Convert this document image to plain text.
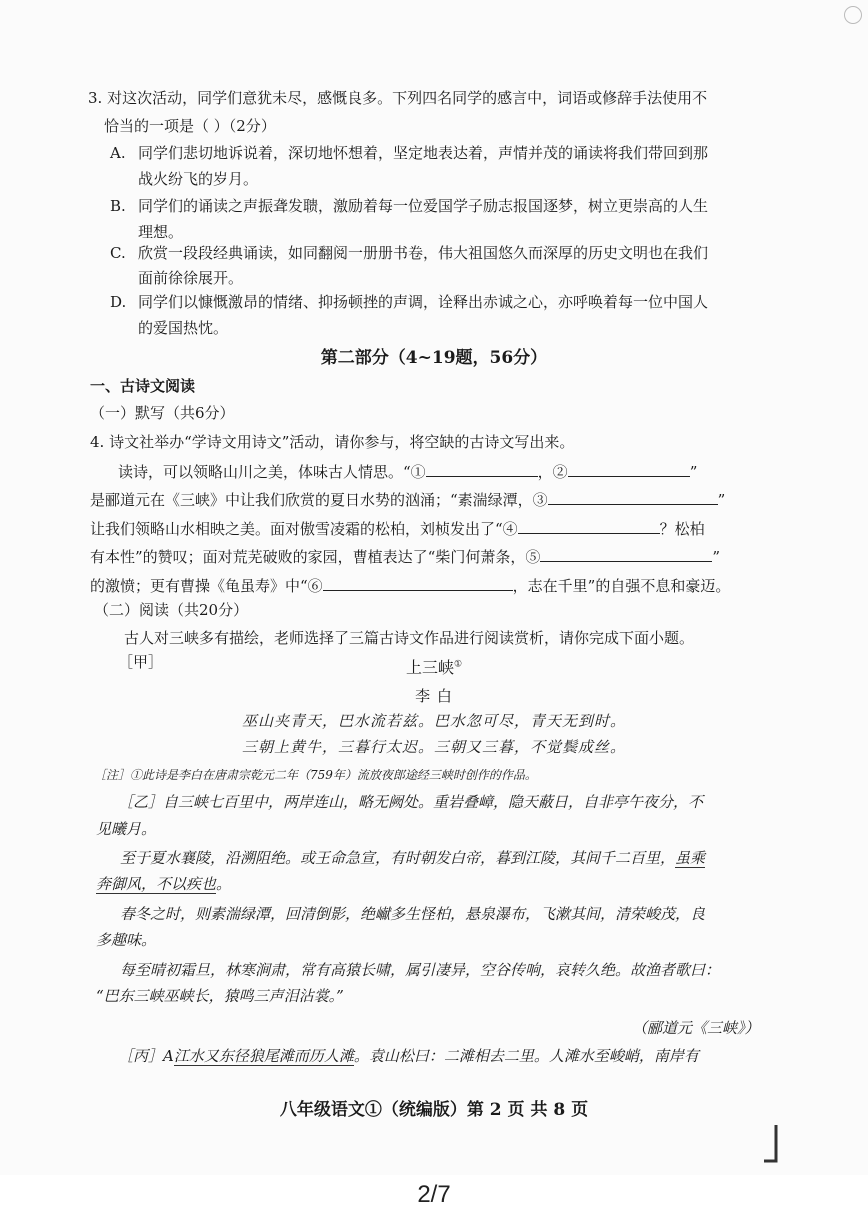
3. 对这次活动，同学们意犹未尽，感慨良多。下列四名同学的感言中，词语或修辞手法使用不
恰当的一项是（ ）（2分）
A. 同学们悲切地诉说着，深切地怀想着，坚定地表达着，声情并茂的诵读将我们带回到那
战火纷飞的岁月。
B. 同学们的诵读之声振聋发聩，激励着每一位爱国学子励志报国逐梦，树立更崇高的人生
理想。
C. 欣赏一段段经典诵读，如同翻阅一册册书卷，伟大祖国悠久而深厚的历史文明也在我们
面前徐徐展开。
D. 同学们以慷慨激昂的情绪、抑扬顿挫的声调，诠释出赤诚之心，亦呼唤着每一位中国人
的爱国热忱。
第二部分（4~19题，56分）
一、古诗文阅读
（一）默写（共6分）
4. 诗文社举办“学诗文用诗文”活动，请你参与，将空缺的古诗文写出来。
读诗，可以领略山川之美，体味古人情思。“①	，②	”
是郦道元在《三峡》中让我们欣赏的夏日水势的汹涌；“素湍绿潭，③	”
让我们领略山水相映之美。面对傲雪凌霜的松柏，刘桢发出了“④	？松柏
有本性”的赞叹；面对荒芜破败的家园，曹植表达了“柴门何萧条，⑤	”
的激愤；更有曹操《龟虽寿》中“⑥	，志在千里”的自强不息和豪迈。
（二）阅读（共20分）
古人对三峡多有描绘，老师选择了三篇古诗文作品进行阅读赏析，请你完成下面小题。
［甲］	上三峡①
李 白
巫山夹青天，巴水流若兹。巴水忽可尽，青天无到时。
三朝上黄牛，三暮行太迟。三朝又三暮，不觉鬓成丝。
［注］①此诗是李白在唐肃宗乾元二年（759年）流放夜郎途经三峡时创作的作品。
［乙］自三峡七百里中，两岸连山，略无阙处。重岩叠嶂，隐天蔽日，自非亭午夜分，不
见曦月。
至于夏水襄陵，沿溯阻绝。或王命急宣，有时朝发白帝，暮到江陵，其间千二百里，虽乘
奔御风，不以疾也。
春冬之时，则素湍绿潭，回清倒影，绝𪩘多生怪柏，悬泉瀑布，飞漱其间，清荣峻茂，良
多趣味。
每至晴初霜旦，林寒涧肃，常有高猿长啸，属引凄异，空谷传响，哀转久绝。故渔者歌曰：
“巴东三峡巫峡长，猿鸣三声泪沾裳。”
（郦道元《三峡》）
［丙］A江水又东径狼尾滩而历人滩。袁山松曰：二滩相去二里。人滩水至峻峭，南岸有
八年级语文①（统编版）第 2 页 共 8 页
2/7
